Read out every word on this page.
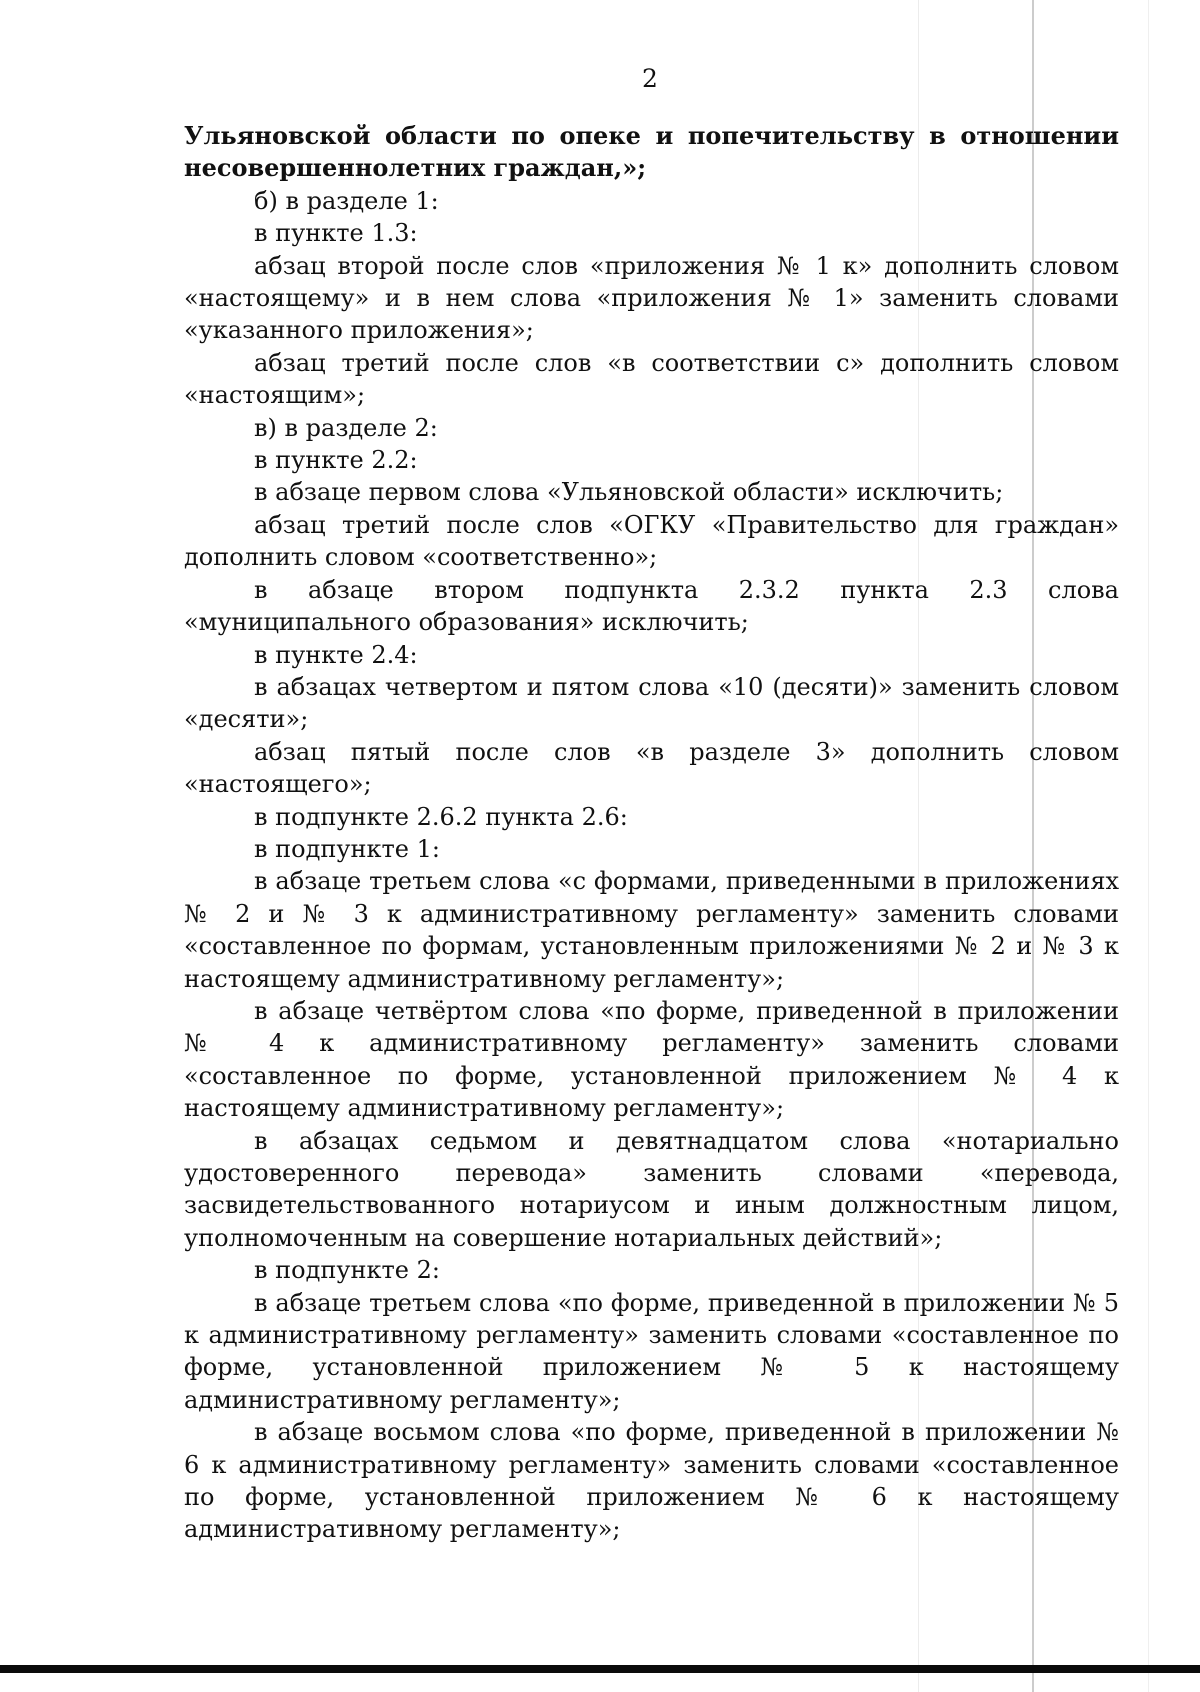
2

Ульяновской области по опеке и попечительству в отношении несовершеннолетних граждан,»;

б) в разделе 1:

в пункте 1.3:

абзац второй после слов «приложения № 1 к» дополнить словом «настоящему» и в нем слова «приложения № 1» заменить словами «указанного приложения»;

абзац третий после слов «в соответствии с» дополнить словом «настоящим»;

в) в разделе 2:

в пункте 2.2:

в абзаце первом слова «Ульяновской области» исключить;

абзац третий после слов «ОГКУ «Правительство для граждан» дополнить словом «соответственно»;

в абзаце втором подпункта 2.3.2 пункта 2.3 слова «муниципального образования» исключить;

в пункте 2.4:

в абзацах четвертом и пятом слова «10 (десяти)» заменить словом «десяти»;

абзац пятый после слов «в разделе 3» дополнить словом «настоящего»;

в подпункте 2.6.2 пункта 2.6:

в подпункте 1:

в абзаце третьем слова «с формами, приведенными в приложениях № 2 и № 3 к административному регламенту» заменить словами «составленное по формам, установленным приложениями № 2 и № 3 к настоящему административному регламенту»;

в абзаце четвёртом слова «по форме, приведенной в приложении № 4 к административному регламенту» заменить словами «составленное по форме, установленной приложением № 4 к настоящему административному регламенту»;

в абзацах седьмом и девятнадцатом слова «нотариально удостоверенного перевода» заменить словами «перевода, засвидетельствованного нотариусом и иным должностным лицом, уполномоченным на совершение нотариальных действий»;

в подпункте 2:

в абзаце третьем слова «по форме, приведенной в приложении № 5 к административному регламенту» заменить словами «составленное по форме, установленной приложением № 5 к настоящему административному регламенту»;

в абзаце восьмом слова «по форме, приведенной в приложении № 6 к административному регламенту» заменить словами «составленное по форме, установленной приложением № 6 к настоящему административному регламенту»;
